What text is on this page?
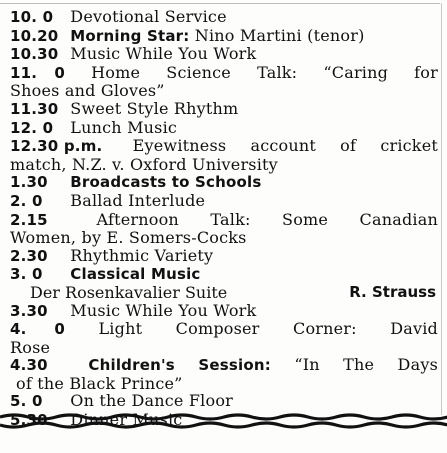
10. 0 Devotional Service
10.20 Morning Star: Nino Martini (tenor)
10.30 Music While You Work
11. 0 Home Science Talk: “Caring for
Shoes and Gloves”
11.30 Sweet Style Rhythm
12. 0 Lunch Music
12.30 p.m. Eyewitness account of cricket
match, N.Z. v. Oxford University
1.30 Broadcasts to Schools
2. 0 Ballad Interlude
2.15	Afternoon Talk: Some Canadian
Women, by E. Somers-Cocks
2.30 Rhythmic Variety
3. 0 Classical Music
Der Rosenkavalier Suite	R. Strauss
3.30 Music While You Work
4. 0 Light Composer Corner: David
Rose
4.30	Children's Session: “In The Days
of the Black Prince”
5. 0 On the Dance Floor
5.30 Dinner Music
